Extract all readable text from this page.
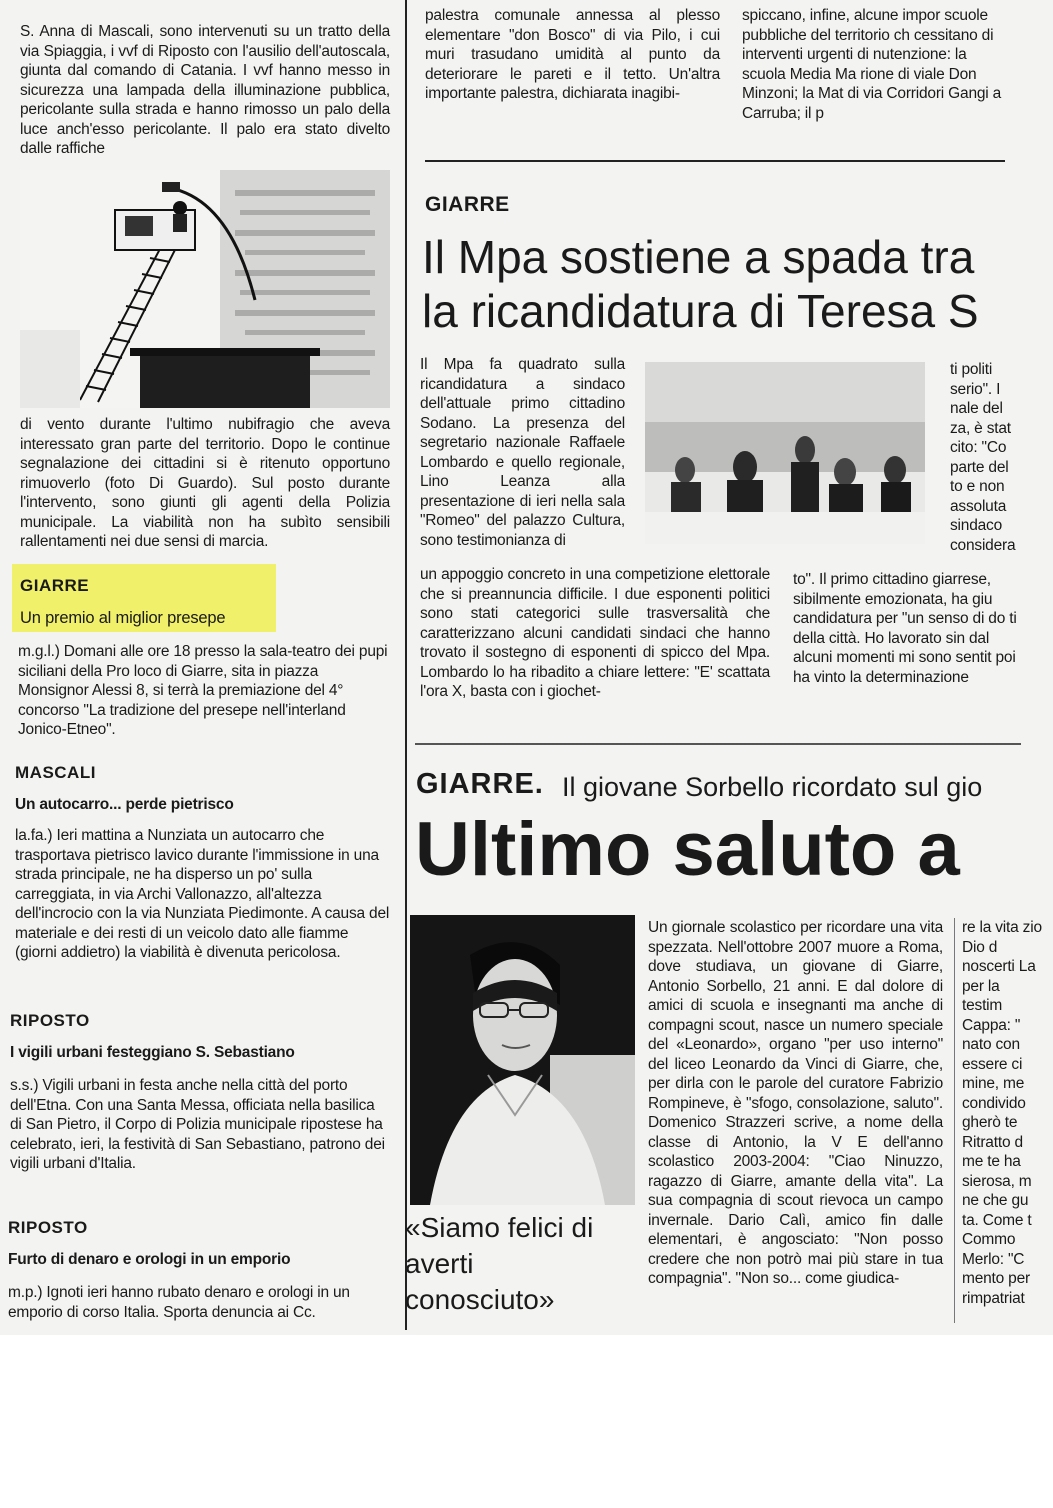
S. Anna di Mascali, sono intervenuti su un tratto della via Spiaggia, i vvf di Riposto con l'ausilio dell'autoscala, giunta dal comando di Catania. I vvf hanno messo in sicurezza una lampada della illuminazione pubblica, pericolante sulla strada e hanno rimosso un palo della luce anch'esso pericolante. Il palo era stato divelto dalle raffiche

di vento durante l'ultimo nubifragio che aveva interessato gran parte del territorio. Dopo le continue segnalazione dei cittadini si è ritenuto opportuno rimuoverlo (foto Di Guardo). Sul posto durante l'intervento, sono giunti gli agenti della Polizia municipale. La viabilità non ha subìto sensibili rallentamenti nei due sensi di marcia.

GIARRE
Un premio al miglior presepe

m.g.l.) Domani alle ore 18 presso la sala-teatro dei pupi siciliani della Pro loco di Giarre, sita in piazza Monsignor Alessi 8, si terrà la premiazione del 4° concorso "La tradizione del presepe nell'interland Jonico-Etneo".

MASCALI
Un autocarro... perde pietrisco

la.fa.) Ieri mattina a Nunziata un autocarro che trasportava pietrisco lavico durante l'immissione in una strada principale, ne ha disperso un po' sulla carreggiata, in via Archi Vallonazzo, all'altezza dell'incrocio con la via Nunziata Piedimonte. A causa del materiale e dei resti di un veicolo dato alle fiamme (giorni addietro) la viabilità è divenuta pericolosa.

RIPOSTO
I vigili urbani festeggiano S. Sebastiano

s.s.) Vigili urbani in festa anche nella città del porto dell'Etna. Con una Santa Messa, officiata nella basilica di San Pietro, il Corpo di Polizia municipale ripostese ha celebrato, ieri, la festività di San Sebastiano, patrono dei vigili urbani d'Italia.

RIPOSTO
Furto di denaro e orologi in un emporio

m.p.) Ignoti ieri hanno rubato denaro e orologi in un emporio di corso Italia. Sporta denuncia ai Cc.

palestra comunale annessa al plesso elementare "don Bosco" di via Pilo, i cui muri trasudano umidità al punto da deteriorare le pareti e il tetto. Un'altra importante palestra, dichiarata inagibi-

spiccano, infine, alcune impor scuole pubbliche del territorio ch cessitano di interventi urgenti di nutenzione: la scuola Media Ma rione di viale Don Minzoni; la Mat di via Corridori Gangi a Carruba; il p

GIARRE
Il Mpa sostiene a spada tra
la ricandidatura di Teresa S

Il Mpa fa quadrato sulla ricandidatura a sindaco dell'attuale primo cittadino Sodano. La presenza del segretario nazionale Raffaele Lombardo e quello regionale, Lino Leanza alla presentazione di ieri nella sala "Romeo" del palazzo Cultura, sono testimonianza di

ti politi serio". I nale del za, è stat cito: "Co parte del to e non assoluta sindaco considera

un appoggio concreto in una competizione elettorale che si preannuncia difficile. I due esponenti politici sono stati categorici sulle trasversalità che caratterizzano alcuni candidati sindaci che hanno trovato il sostegno di esponenti di spicco del Mpa. Lombardo lo ha ribadito a chiare lettere: "E' scattata l'ora X, basta con i giochet-

to". Il primo cittadino giarrese, sibilmente emozionata, ha giu candidatura per "un senso di do ti della città. Ho lavorato sin dal alcuni momenti mi sono sentit poi ha vinto la determinazione

GIARRE. Il giovane Sorbello ricordato sul gio
Ultimo saluto a
«Siamo felici di averti conosciuto»

Un giornale scolastico per ricordare una vita spezzata. Nell'ottobre 2007 muore a Roma, dove studiava, un giovane di Giarre, Antonio Sorbello, 21 anni. E dal dolore di amici di scuola e insegnanti ma anche di compagni scout, nasce un numero speciale del «Leonardo», organo "per uso interno" del liceo Leonardo da Vinci di Giarre, che, per dirla con le parole del curatore Fabrizio Rompineve, è "sfogo, consolazione, saluto". Domenico Strazzeri scrive, a nome della classe di Antonio, la V E dell'anno scolastico 2003-2004: "Ciao Ninuzzo, ragazzo di Giarre, amante della vita". La sua compagnia di scout rievoca un campo invernale. Dario Calì, amico fin dalle elementari, è angosciato: "Non posso credere che non potrò mai più stare in tua compagnia". "Non so... come giudica-

re la vita zio Dio d noscerti La per la testim Cappa: " nato con essere ci mine, me condivido gherò te Ritratto d me te ha sierosa, m ne che gu ta. Come t Commo Merlo: "C mento per rimpatriat
